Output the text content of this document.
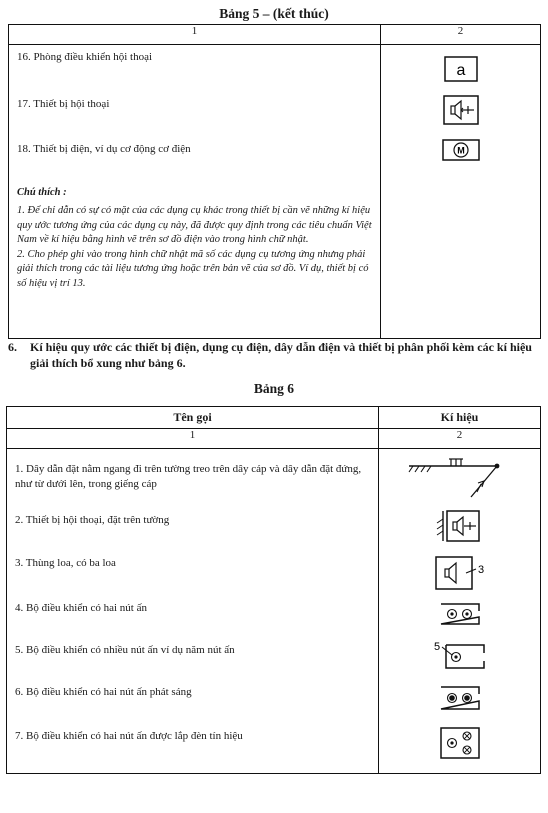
Bảng 5 – (kết thúc)
1	2

16. Phòng điều khiển hội thoại	a

17. Thiết bị hội thoại

18. Thiết bị điện, ví dụ cơ động cơ điện	M

Chú thích :
1. Để chỉ dẫn có sự có mặt của các dụng cụ khác trong thiết bị cần vẽ những kí hiệu quy ước tương ứng của các dụng cụ này, đã được quy định trong các tiêu chuẩn Việt Nam về kí hiệu bằng hình vẽ trên sơ đồ điện vào trong hình chữ nhật.
2. Cho phép ghi vào trong hình chữ nhật mã số các dụng cụ tương ứng nhưng phải giải thích trong các tài liệu tương ứng hoặc trên bản vẽ của sơ đồ. Ví dụ, thiết bị có số hiệu vị trí 13.	

6. Kí hiệu quy ước các thiết bị điện, dụng cụ điện, dây dẫn điện và thiết bị phân phối kèm các kí hiệu giải thích bổ xung như bảng 6.
Bảng 6
Tên gọi	Kí hiệu
1	2

1. Dây dẫn đặt nằm ngang đi trên tường treo trên dây cáp và dây dẫn đặt đứng, như từ dưới lên, trong giếng cáp

2. Thiết bị hội thoại, đặt trên tường

3. Thùng loa, có ba loa	3

4. Bộ điều khiển có hai nút ấn

5. Bộ điều khiển có nhiều nút ấn ví dụ năm nút ấn	5

6. Bộ điều khiển có hai nút ấn phát sáng

7. Bộ điều khiển có hai nút ấn được lắp đèn tín hiệu
